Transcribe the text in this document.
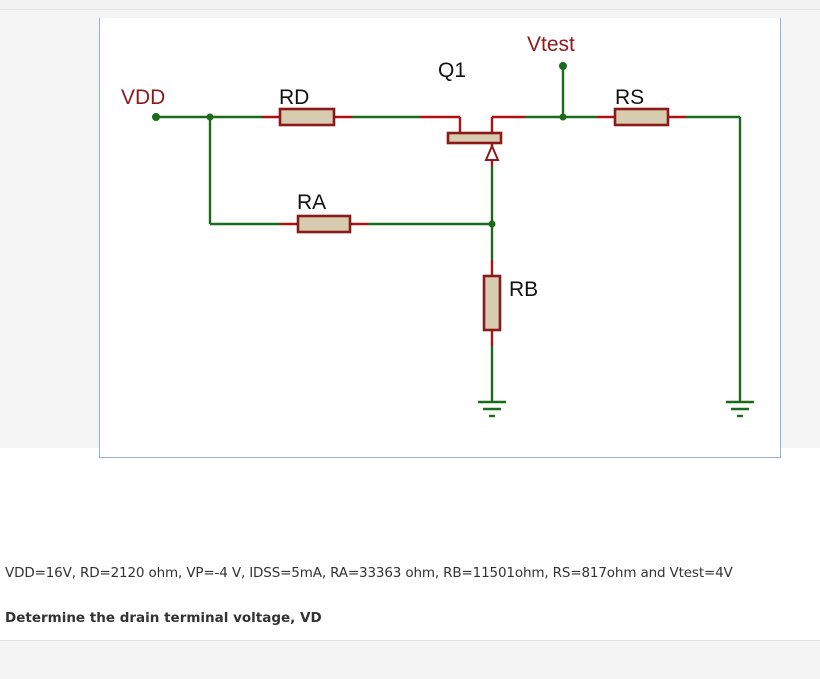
VDD	RD
RA
Q1
Vtest
RS
RB

VDD=16V, RD=2120 ohm, VP=-4 V, IDSS=5mA, RA=33363 ohm, RB=11501ohm, RS=817ohm and Vtest=4V

Determine the drain terminal voltage, VD
